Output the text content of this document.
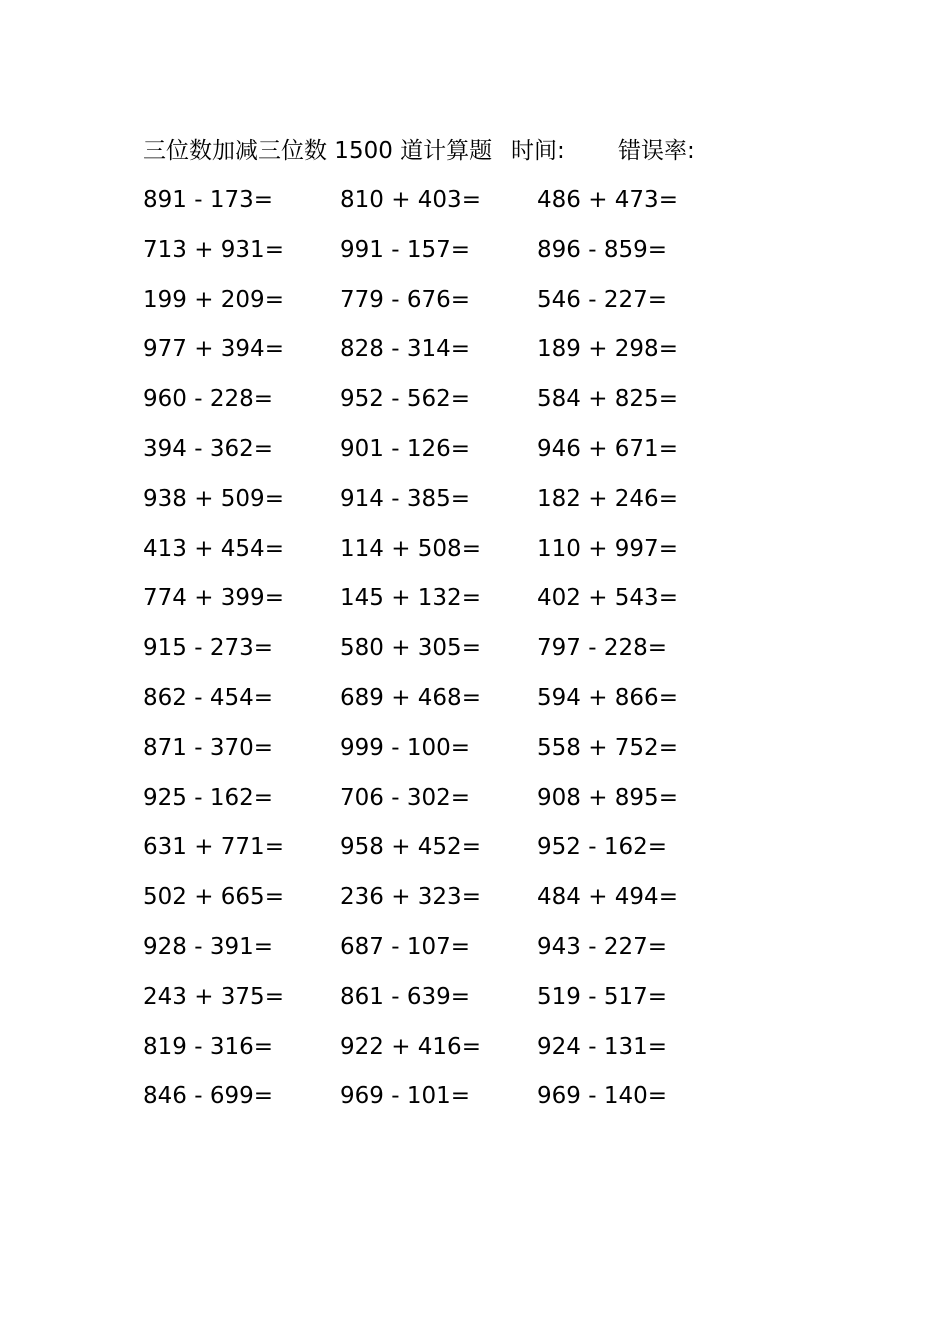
三位数加减三位数 1500 道计算题 时间: 错误率:
891 - 173=	810 + 403= 486 + 473=
713 + 931= 991 - 157=	896 - 859=
199 + 209= 779 - 676=	546 - 227=
977 + 394= 828 - 314=	189 + 298=
960 - 228=	952 - 562=	584 + 825=
394 - 362=	901 - 126=	946 + 671=
938 + 509= 914 - 385=	182 + 246=
413 + 454= 114 + 508= 110 + 997=
774 + 399= 145 + 132= 402 + 543=
915 - 273=	580 + 305= 797 - 228=
862 - 454=	689 + 468= 594 + 866=
871 - 370=	999 - 100=	558 + 752=
925 - 162=	706 - 302=	908 + 895=
631 + 771= 958 + 452= 952 - 162=
502 + 665= 236 + 323= 484 + 494=
928 - 391=	687 - 107=	943 - 227=
243 + 375= 861 - 639=	519 - 517=
819 - 316=	922 + 416= 924 - 131=
846 - 699=	969 - 101=	969 - 140=
